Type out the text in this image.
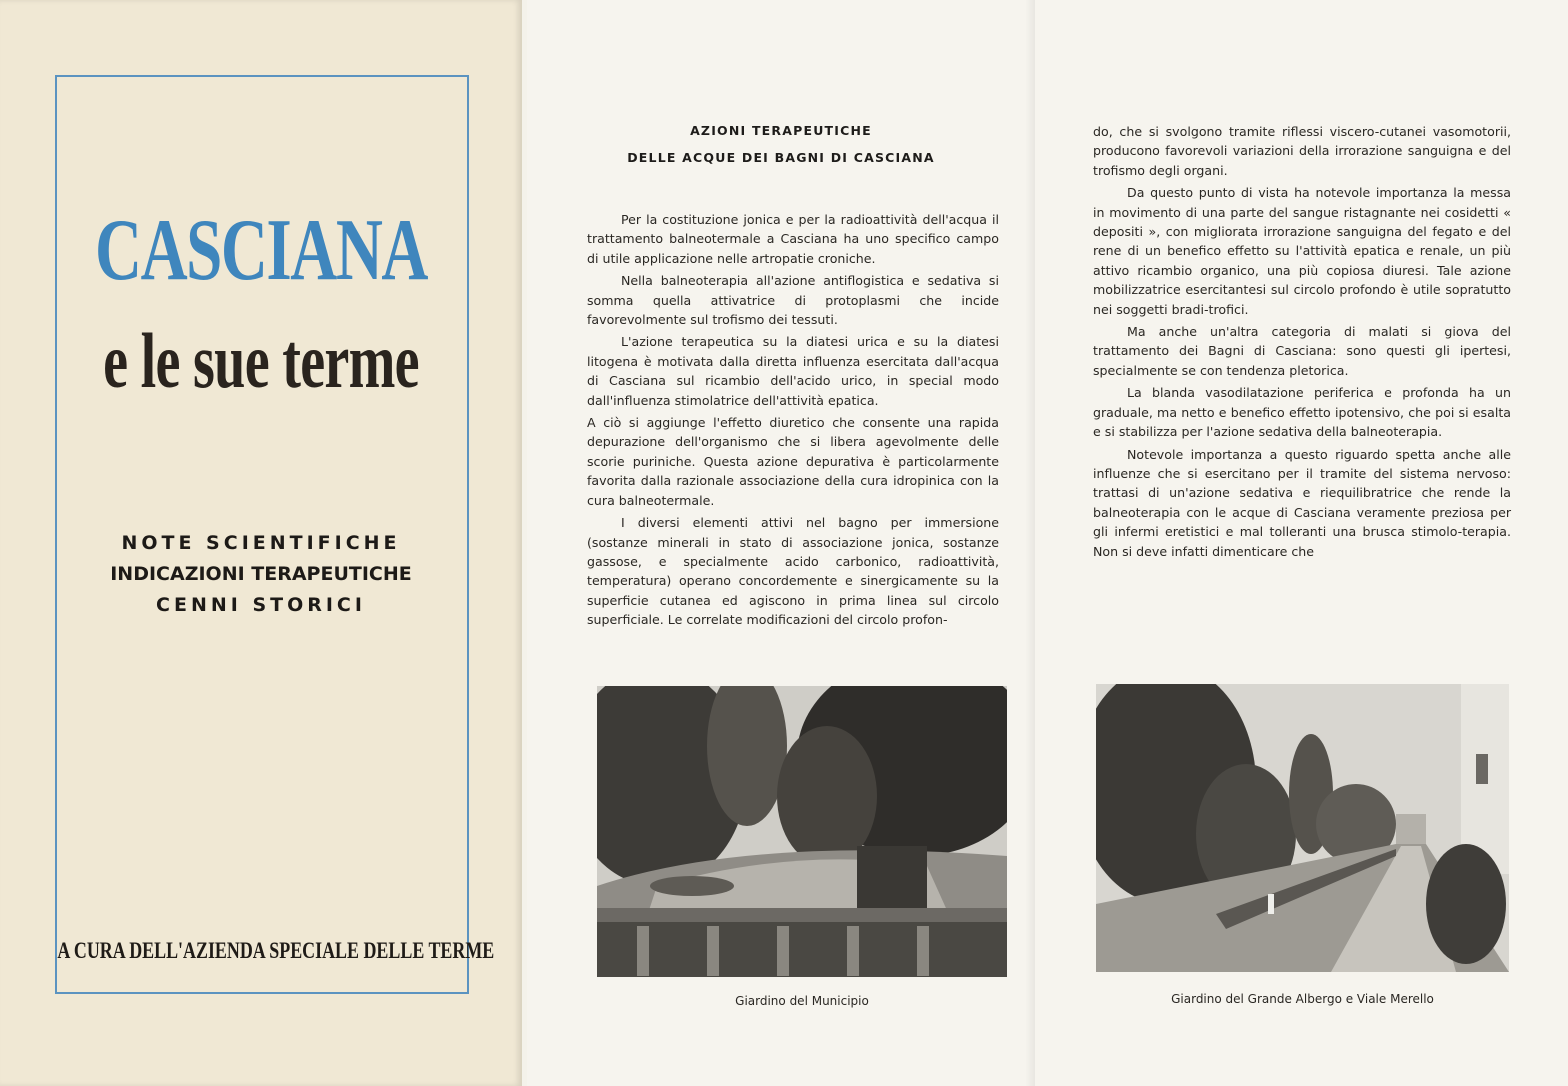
CASCIANA
e le sue terme
NOTE SCIENTIFICHE
INDICAZIONI TERAPEUTICHE
CENNI STORICI
A CURA DELL'AZIENDA SPECIALE DELLE TERME
AZIONI TERAPEUTICHE
DELLE ACQUE DEI BAGNI DI CASCIANA

Per la costituzione jonica e per la radioattività dell'acqua il trattamento balneotermale a Casciana ha uno specifico campo di utile applicazione nelle artropatie croniche.

Nella balneoterapia all'azione antiflogistica e sedativa si somma quella attivatrice di protoplasmi che incide favorevolmente sul trofismo dei tessuti.

L'azione terapeutica su la diatesi urica e su la diatesi litogena è motivata dalla diretta influenza esercitata dall'acqua di Casciana sul ricambio dell'acido urico, in special modo dall'influenza stimolatrice dell'attività epatica.

A ciò si aggiunge l'effetto diuretico che consente una rapida depurazione dell'organismo che si libera agevolmente delle scorie puriniche. Questa azione depurativa è particolarmente favorita dalla razionale associazione della cura idropinica con la cura balneotermale.

I diversi elementi attivi nel bagno per immersione (sostanze minerali in stato di associazione jonica, sostanze gassose, e specialmente acido carbonico, radioattività, temperatura) operano concordemente e sinergicamente su la superficie cutanea ed agiscono in prima linea sul circolo superficiale. Le correlate modificazioni del circolo profon-

Giardino del Municipio

do, che si svolgono tramite riflessi viscero-cutanei vasomotorii, producono favorevoli variazioni della irrorazione sanguigna e del trofismo degli organi.

Da questo punto di vista ha notevole importanza la messa in movimento di una parte del sangue ristagnante nei cosidetti « depositi », con migliorata irrorazione sanguigna del fegato e del rene di un benefico effetto su l'attività epatica e renale, un più attivo ricambio organico, una più copiosa diuresi. Tale azione mobilizzatrice esercitantesi sul circolo profondo è utile sopratutto nei soggetti bradi-trofici.

Ma anche un'altra categoria di malati si giova del trattamento dei Bagni di Casciana: sono questi gli ipertesi, specialmente se con tendenza pletorica.

La blanda vasodilatazione periferica e profonda ha un graduale, ma netto e benefico effetto ipotensivo, che poi si esalta e si stabilizza per l'azione sedativa della balneoterapia.

Notevole importanza a questo riguardo spetta anche alle influenze che si esercitano per il tramite del sistema nervoso: trattasi di un'azione sedativa e riequilibratrice che rende la balneoterapia con le acque di Casciana veramente preziosa per gli infermi eretistici e mal tolleranti una brusca stimolo-terapia. Non si deve infatti dimenticare che

Giardino del Grande Albergo e Viale Merello
